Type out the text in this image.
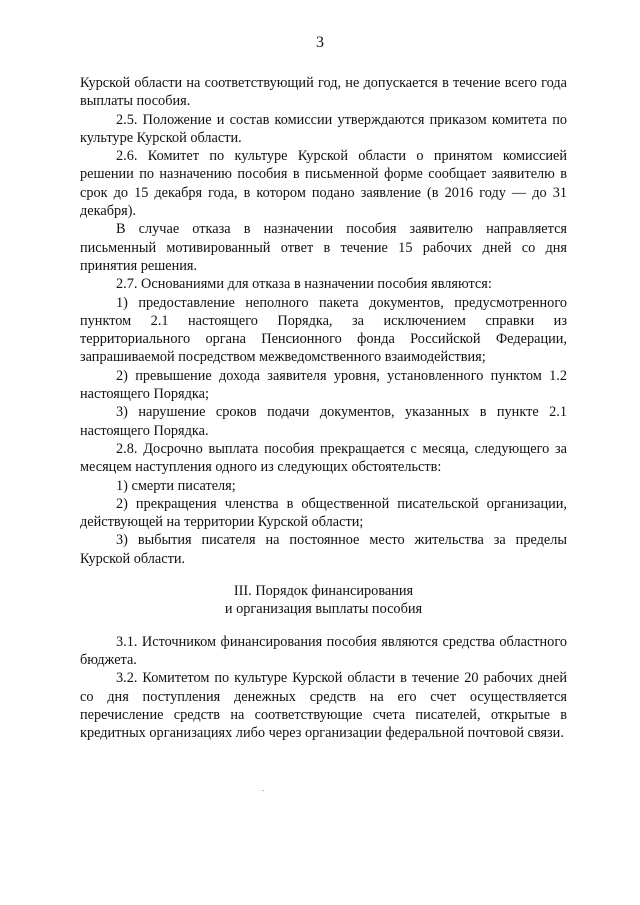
3

Курской области на соответствующий год, не допускается в течение всего года выплаты пособия.

2.5. Положение и состав комиссии утверждаются приказом комитета по культуре Курской области.

2.6. Комитет по культуре Курской области о принятом комиссией решении по назначению пособия в письменной форме сообщает заявителю в срок до 15 декабря года, в котором подано заявление (в 2016 году — до 31 декабря).

В случае отказа в назначении пособия заявителю направляется письменный мотивированный ответ в течение 15 рабочих дней со дня принятия решения.

2.7. Основаниями для отказа в назначении пособия являются:

1) предоставление неполного пакета документов, предусмотренного пунктом 2.1 настоящего Порядка, за исключением справки из территориального органа Пенсионного фонда Российской Федерации, запрашиваемой посредством межведомственного взаимодействия;

2) превышение дохода заявителя уровня, установленного пунктом 1.2 настоящего Порядка;

3) нарушение сроков подачи документов, указанных в пункте 2.1 настоящего Порядка.

2.8. Досрочно выплата пособия прекращается с месяца, следующего за месяцем наступления одного из следующих обстоятельств:

1) смерти писателя;

2) прекращения членства в общественной писательской организации, действующей на территории Курской области;

3) выбытия писателя на постоянное место жительства за пределы Курской области.

III. Порядок финансирования
и организация выплаты пособия

3.1. Источником финансирования пособия являются средства областного бюджета.

3.2. Комитетом по культуре Курской области в течение 20 рабочих дней со дня поступления денежных средств на его счет осуществляется перечисление средств на соответствующие счета писателей, открытые в кредитных организациях либо через организации федеральной почтовой связи.
